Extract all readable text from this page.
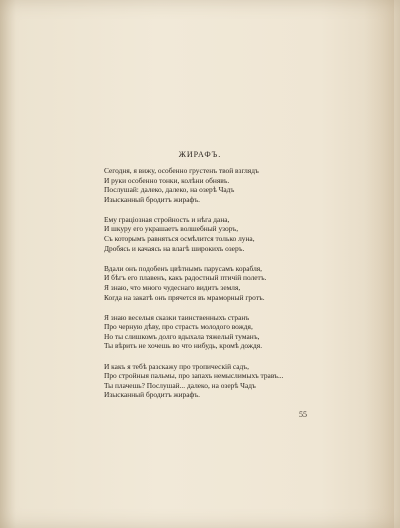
ЖИРАФЪ.
Сегодня, я вижу, особенно грустенъ твой взглядъ
И руки особенно тонки, колѣни обнявъ.
Послушай: далеко, далеко, на озерѣ Чадъ
Изысканный бродитъ жирафъ.
Ему грацiозная стройность и нѣга дана,
И шкуру его украшаетъ волшебный узоръ,
Съ которымъ равняться осмѣлится только луна,
Дробясь и качаясь на влагѣ широкихъ озеръ.
Вдали онъ подобенъ цвѣтнымъ парусамъ корабля,
И бѣгъ его плавенъ, какъ радостный птичiй полетъ.
Я знаю, что много чудеснаго видитъ земля,
Когда на закатѣ онъ прячется въ мраморный гротъ.
Я знаю веселыя сказки таинственныхъ странъ
Про черную дѣву, про страсть молодого вождя,
Но ты слишкомъ долго вдыхала тяжелый туманъ,
Ты вѣрить не хочешь во что нибудь, кромѣ дождя.
И какъ я тебѣ разскажу про тропическiй садъ,
Про стройныя пальмы, про запахъ немыслимыхъ травъ...
Ты плачешь? Послушай... далеко, на озерѣ Чадъ
Изысканный бродитъ жирафъ.
55
